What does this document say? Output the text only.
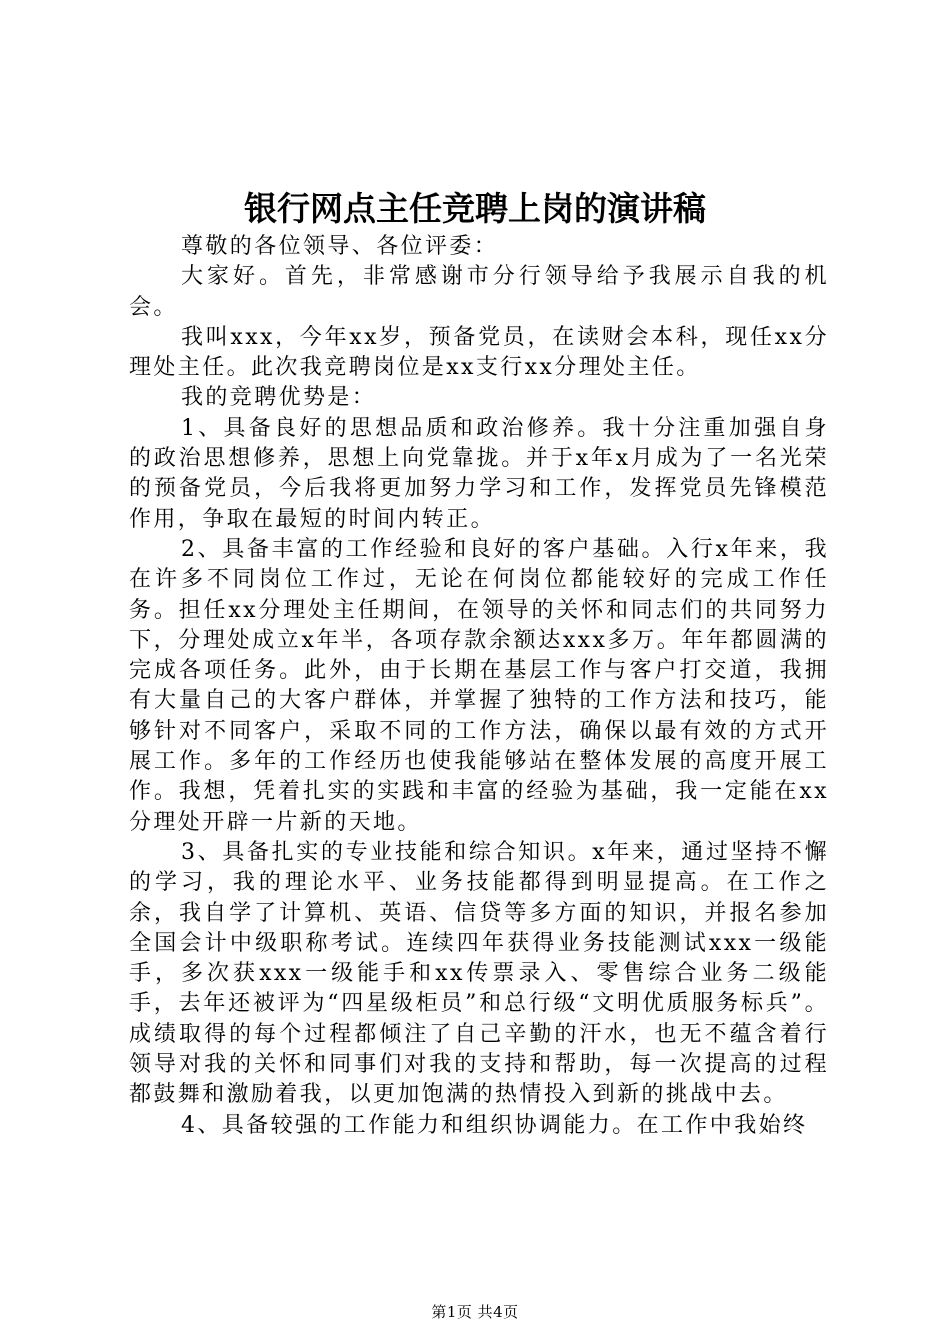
银行网点主任竞聘上岗的演讲稿

尊敬的各位领导、各位评委：

大家好。首先，非常感谢市分行领导给予我展示自我的机会。

我叫xxx，今年xx岁，预备党员，在读财会本科，现任xx分理处主任。此次我竞聘岗位是xx支行xx分理处主任。

我的竞聘优势是：

1、具备良好的思想品质和政治修养。我十分注重加强自身的政治思想修养，思想上向党靠拢。并于x年x月成为了一名光荣的预备党员，今后我将更加努力学习和工作，发挥党员先锋模范作用，争取在最短的时间内转正。

2、具备丰富的工作经验和良好的客户基础。入行x年来，我在许多不同岗位工作过，无论在何岗位都能较好的完成工作任务。担任xx分理处主任期间，在领导的关怀和同志们的共同努力下，分理处成立x年半，各项存款余额达xxx多万。年年都圆满的完成各项任务。此外，由于长期在基层工作与客户打交道，我拥有大量自己的大客户群体，并掌握了独特的工作方法和技巧，能够针对不同客户，采取不同的工作方法，确保以最有效的方式开展工作。多年的工作经历也使我能够站在整体发展的高度开展工作。我想，凭着扎实的实践和丰富的经验为基础，我一定能在xx分理处开辟一片新的天地。

3、具备扎实的专业技能和综合知识。x年来，通过坚持不懈的学习，我的理论水平、业务技能都得到明显提高。在工作之余，我自学了计算机、英语、信贷等多方面的知识，并报名参加全国会计中级职称考试。连续四年获得业务技能测试xxx一级能手，多次获xxx一级能手和xx传票录入、零售综合业务二级能手，去年还被评为“四星级柜员”和总行级“文明优质服务标兵”。成绩取得的每个过程都倾注了自己辛勤的汗水，也无不蕴含着行领导对我的关怀和同事们对我的支持和帮助，每一次提高的过程都鼓舞和激励着我，以更加饱满的热情投入到新的挑战中去。

4、具备较强的工作能力和组织协调能力。在工作中我始终

第1页 共4页
